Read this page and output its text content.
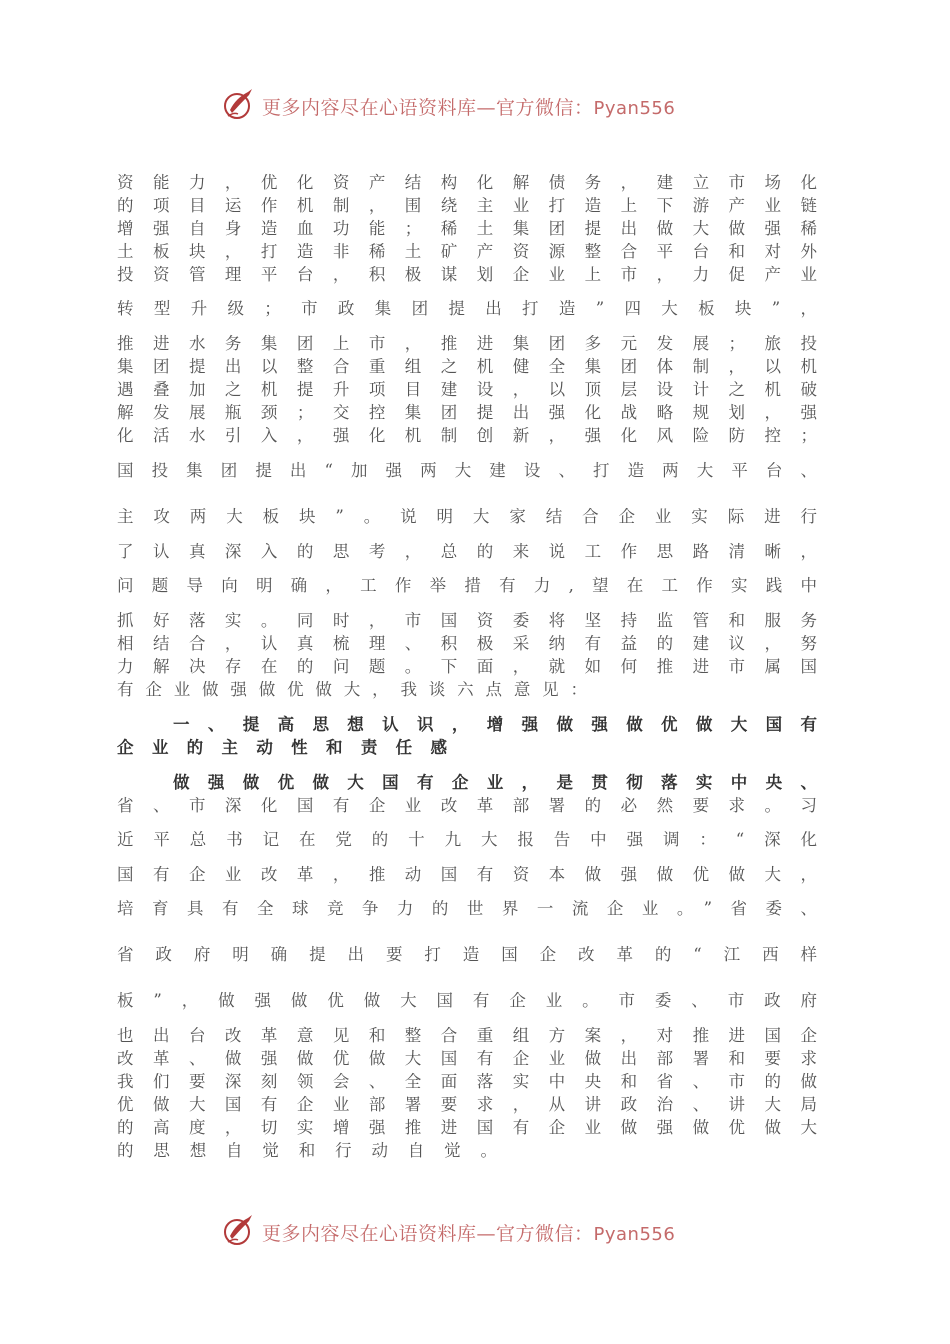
更多内容尽在心语资料库—官方微信：Pyan556
资能力，优化资产结构化解债务，建立市场化
的项目运作机制，围绕主业打造上下游产业链
增强自身造血功能；稀土集团提出做大做强稀
土板块，打造非稀土矿产资源整合平台和对外
投资管理平台，积极谋划企业上市，力促产业
转型升级；市政集团提出打造”四大板块”，
推进水务集团上市，推进集团多元发展；旅投
集团提出以整合重组之机健全集团体制，以机
遇叠加之机提升项目建设，以顶层设计之机破
解发展瓶颈；交控集团提出强化战略规划，强
化活水引入，强化机制创新，强化风险防控；
国投集团提出“加强两大建设、打造两大平台、
主攻两大板块”。说明大家结合企业实际进行
了认真深入的思考，总的来说工作思路清晰，
问题导向明确，工作举措有力,望在工作实践中
抓好落实。同时，市国资委将坚持监管和服务
相结合，认真梳理、积极采纳有益的建议，努
力解决存在的问题。下面，就如何推进市属国
有企业做强做优做大，我谈六点意见：
一、提高思想认识，增强做强做优做大国有
企业的主动性和责任感
做强做优做大国有企业，是贯彻落实中央、
省、市深化国有企业改革部署的必然要求。习
近平总书记在党的十九大报告中强调：“深化
国有企业改革，推动国有资本做强做优做大，
培育具有全球竞争力的世界一流企业。”省委、
省政府明确提出要打造国企改革的“江西样
板”，做强做优做大国有企业。市委、市政府
也出台改革意见和整合重组方案，对推进国企
改革、做强做优做大国有企业做出部署和要求
我们要深刻领会、全面落实中央和省、市的做
优做大国有企业部署要求，从讲政治、讲大局
的高度，切实增强推进国有企业做强做优做大
的思想自觉和行动自觉。
更多内容尽在心语资料库—官方微信：Pyan556
